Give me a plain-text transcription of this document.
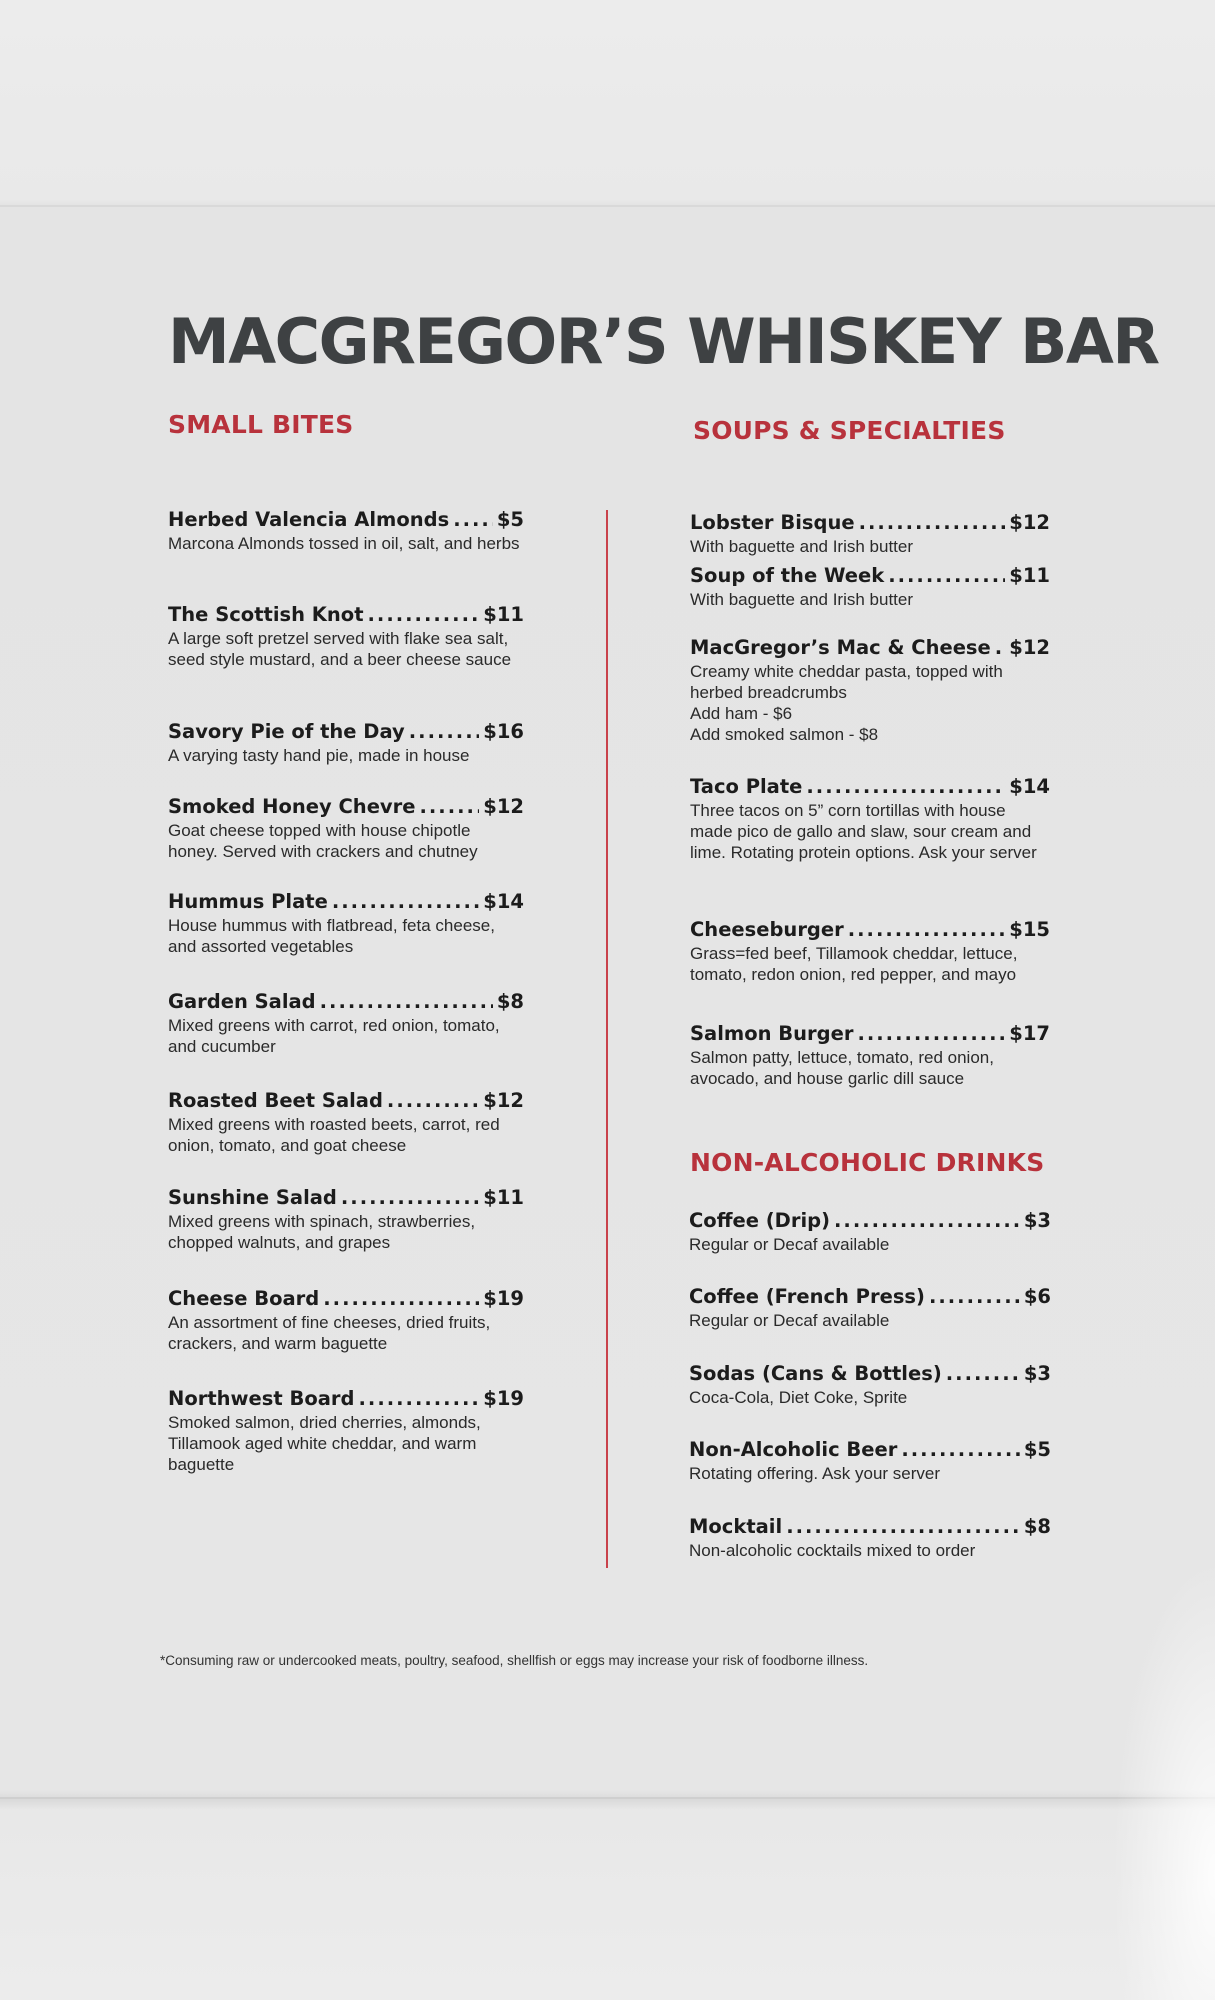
MACGREGOR’S WHISKEY BAR
SMALL BITES	SOUPS & SPECIALTIES
NON-ALCOHOLIC DRINKS
Herbed Valencia Almonds ..... $5
Marcona Almonds tossed in oil, salt, and herbs
The Scottish Knot .....	$11
A large soft pretzel served with flake sea salt, seed style mustard, and a beer cheese sauce
Savory Pie of the Day .....	$16
A varying tasty hand pie, made in house
Smoked Honey Chevre .....	$12
Goat cheese topped with house chipotle honey. Served with crackers and chutney
Hummus Plate .....	$14
House hummus with flatbread, feta cheese, and assorted vegetables
Garden Salad .....	$8
Mixed greens with carrot, red onion, tomato, and cucumber
Roasted Beet Salad .....	$12
Mixed greens with roasted beets, carrot, red onion, tomato, and goat cheese
Sunshine Salad .....	$11
Mixed greens with spinach, strawberries, chopped walnuts, and grapes
Cheese Board .....	$19
An assortment of fine cheeses, dried fruits, crackers, and warm baguette
Northwest Board .....	$19
Smoked salmon, dried cherries, almonds, Tillamook aged white cheddar, and warm baguette
Lobster Bisque .....	$12
With baguette and Irish butter
Soup of the Week .....	$11
With baguette and Irish butter
MacGregor’s Mac & Cheese ..... $12
Creamy white cheddar pasta, topped with herbed breadcrumbs
Add ham - $6
Add smoked salmon - $8
Taco Plate .....	$14
Three tacos on 5” corn tortillas with house made pico de gallo and slaw, sour cream and lime. Rotating protein options. Ask your server
Cheeseburger .....	$15
Grass=fed beef, Tillamook cheddar, lettuce, tomato, redon onion, red pepper, and mayo
Salmon Burger .....	$17
Salmon patty, lettuce, tomato, red onion, avocado, and house garlic dill sauce
Coffee (Drip) .....	$3
Regular or Decaf available
Coffee (French Press) .....	$6
Regular or Decaf available
Sodas (Cans & Bottles) .....	$3
Coca-Cola, Diet Coke, Sprite
Non-Alcoholic Beer .....	$5
Rotating offering. Ask your server
Mocktail .....	$8
Non-alcoholic cocktails mixed to order
*Consuming raw or undercooked meats, poultry, seafood, shellfish or eggs may increase your risk of foodborne illness.
